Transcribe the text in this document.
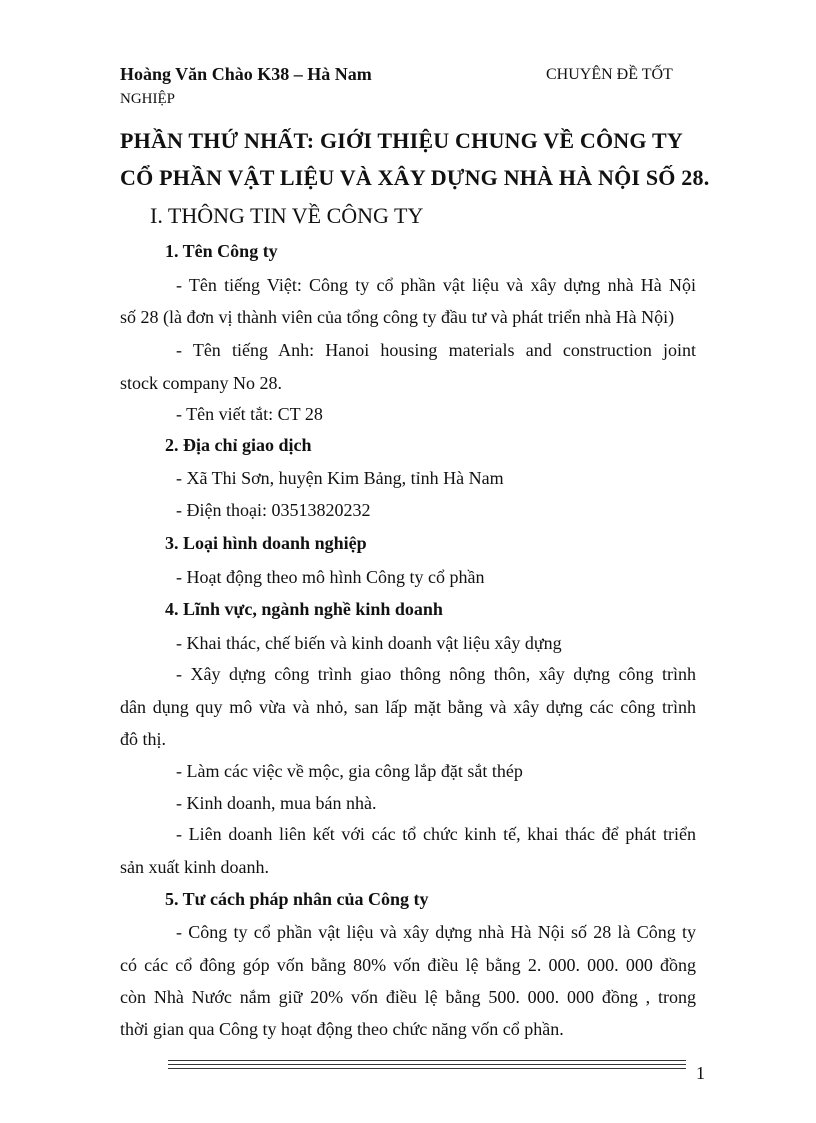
Hoàng Văn Chào K38 – Hà Nam	CHUYÊN ĐỀ TỐT
NGHIỆP
PHẦN THỨ NHẤT: GIỚI THIỆU CHUNG VỀ CÔNG TY
CỔ PHẦN VẬT LIỆU VÀ XÂY DỰNG NHÀ HÀ NỘI SỐ 28.
I. THÔNG TIN VỀ CÔNG TY
1. Tên Công ty
- Tên tiếng Việt: Công ty cổ phần vật liệu và xây dựng nhà Hà Nội
số 28 (là đơn vị thành viên của tổng công ty đầu tư và phát triển nhà Hà Nội)
- Tên tiếng Anh: Hanoi housing materials and construction joint
stock company No 28.
- Tên viết tắt: CT 28
2. Địa chỉ giao dịch
- Xã Thi Sơn, huyện Kim Bảng, tỉnh Hà Nam
- Điện thoại: 03513820232
3. Loại hình doanh nghiệp
- Hoạt động theo mô hình Công ty cổ phần
4. Lĩnh vực, ngành nghề kinh doanh
- Khai thác, chế biến và kinh doanh vật liệu xây dựng
- Xây dựng công trình giao thông nông thôn, xây dựng công trình
dân dụng quy mô vừa và nhỏ, san lấp mặt bằng và xây dựng các công trình
đô thị.
- Làm các việc về mộc, gia công lắp đặt sắt thép
- Kinh doanh, mua bán nhà.
- Liên doanh liên kết với các tổ chức kinh tế, khai thác để phát triển
sản xuất kinh doanh.
5. Tư cách pháp nhân của Công ty
- Công ty cổ phần vật liệu và xây dựng nhà Hà Nội số 28 là Công ty
có các cổ đông góp vốn bằng 80% vốn điều lệ bằng 2. 000. 000. 000 đồng
còn Nhà Nước nắm giữ 20% vốn điều lệ bằng 500. 000. 000 đồng , trong
thời gian qua Công ty hoạt động theo chức năng vốn cổ phần.
1
